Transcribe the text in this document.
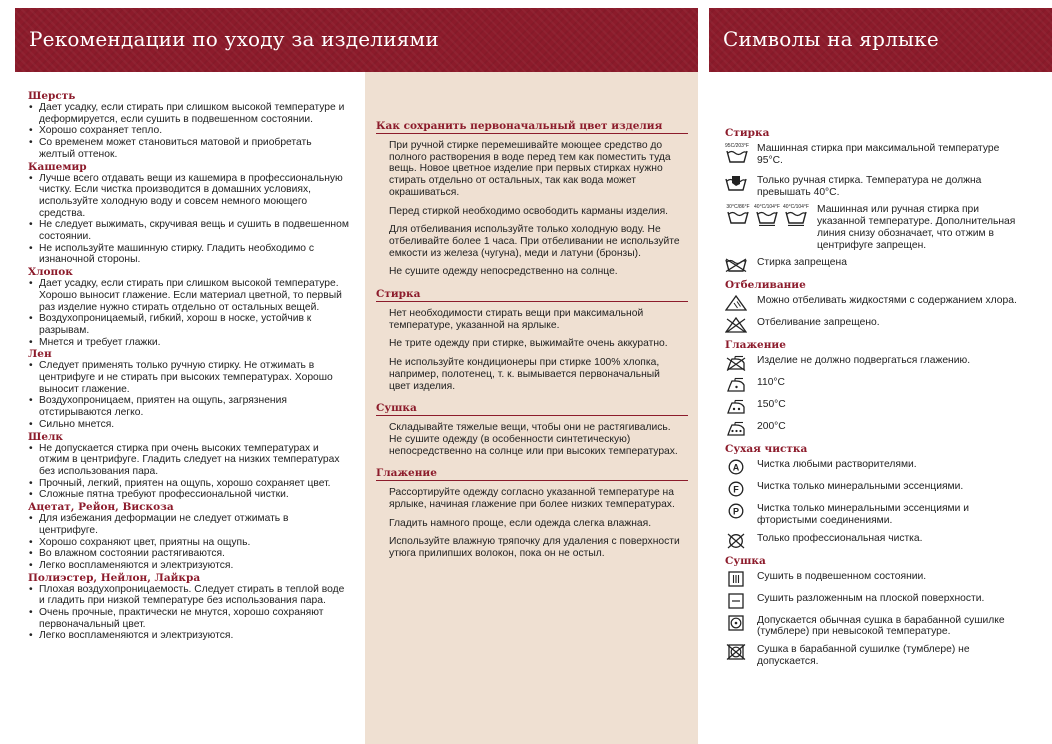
Рекомендации по уходу за изделиями	Символы на ярлыке
Шерсть
• Дает усадку, если стирать при слишком высокой температуре и деформируется, если сушить в подвешенном состоянии.
• Хорошо сохраняет тепло.
• Со временем может становиться матовой и приобретать желтый оттенок.
Кашемир
• Лучше всего отдавать вещи из кашемира в профессиональную чистку. Если чистка производится в домашних условиях, используйте холодную воду и совсем немного моющего средства.
• Не следует выжимать, скручивая вещь и сушить в подвешенном состоянии.
• Не используйте машинную стирку. Гладить необходимо с изнаночной стороны.
Хлопок
• Дает усадку, если стирать при слишком высокой температуре. Хорошо выносит глажение. Если материал цветной, то первый раз изделие нужно стирать отдельно от остальных вещей.
• Воздухопроницаемый, гибкий, хорош в носке, устойчив к разрывам.
• Мнется и требует глажки.
Лен
• Следует применять только ручную стирку. Не отжимать в центрифуге и не стирать при высоких температурах. Хорошо выносит глажение.
• Воздухопроницаем, приятен на ощупь, загрязнения отстирываются легко.
• Сильно мнется.
Шелк
• Не допускается стирка при очень высоких температурах и отжим в центрифуге. Гладить следует на низких температурах без использования пара.
• Прочный, легкий, приятен на ощупь, хорошо сохраняет цвет.
• Сложные пятна требуют профессиональной чистки.
Ацетат, Рейон, Вискоза
• Для избежания деформации не следует отжимать в центрифуге.
• Хорошо сохраняют цвет, приятны на ощупь.
• Во влажном состоянии растягиваются.
• Легко воспламеняются и электризуются.
Полиэстер, Нейлон, Лайкра
• Плохая воздухопроницаемость. Следует стирать в теплой воде и гладить при низкой температуре без использования пара.
• Очень прочные, практически не мнутся, хорошо сохраняют первоначальный цвет.
• Легко воспламеняются и электризуются.
Как сохранить первоначальный цвет изделия

При ручной стирке перемешивайте моющее средство до полного растворения в воде перед тем как поместить туда вещь. Новое цветное изделие при первых стирках нужно стирать отдельно от остальных, так как вода может окрашиваться.

Перед стиркой необходимо освободить карманы изделия.

Для отбеливания используйте только холодную воду. Не отбеливайте более 1 часа. При отбеливании не используйте емкости из железа (чугуна), меди и латуни (бронзы).

Не сушите одежду непосредственно на солнце.

Стирка

Нет необходимости стирать вещи при максимальной температуре, указанной на ярлыке.

Не трите одежду при стирке, выжимайте очень аккуратно.

Не используйте кондиционеры при стирке 100% хлопка, например, полотенец, т. к. вымывается первоначальный цвет изделия.

Сушка

Складывайте тяжелые вещи, чтобы они не растягивались. Не сушите одежду (в особенности синтетическую) непосредственно на солнце или при высоких температурах.

Глажение

Рассортируйте одежду согласно указанной температуре на ярлыке, начиная глажение при более низких температурах.

Гладить намного проще, если одежда слегка влажная.

Используйте влажную тряпочку для удаления с поверхности утюга прилипших волокон, пока он не остыл.

Стирка
95C/203°F Машинная стирка при максимальной температуре 95°C.
Только ручная стирка. Температура не должна превышать 40°C.
30°C/86°F 40°C/104°F 40°C/104°F Машинная или ручная стирка при указанной температуре. Дополнительная линия снизу обозначает, что отжим в центрифуге запрещен.
Стирка запрещена
Отбеливание
Можно отбеливать жидкостями с содержанием хлора.
Отбеливание запрещено.
Глажение
Изделие не должно подвергаться глажению.
110°C
150°C
200°C
Сухая чистка
A Чистка любыми растворителями.
F Чистка только минеральными эссенциями.
P Чистка только минеральными эссенциями и фтористыми соединениями.
Только профессиональная чистка.
Сушка
Сушить в подвешенном состоянии.
Сушить разложенным на плоской поверхности.
Допускается обычная сушка в барабанной сушилке (тумблере) при невысокой температуре.
Сушка в барабанной сушилке (тумблере) не допускается.
